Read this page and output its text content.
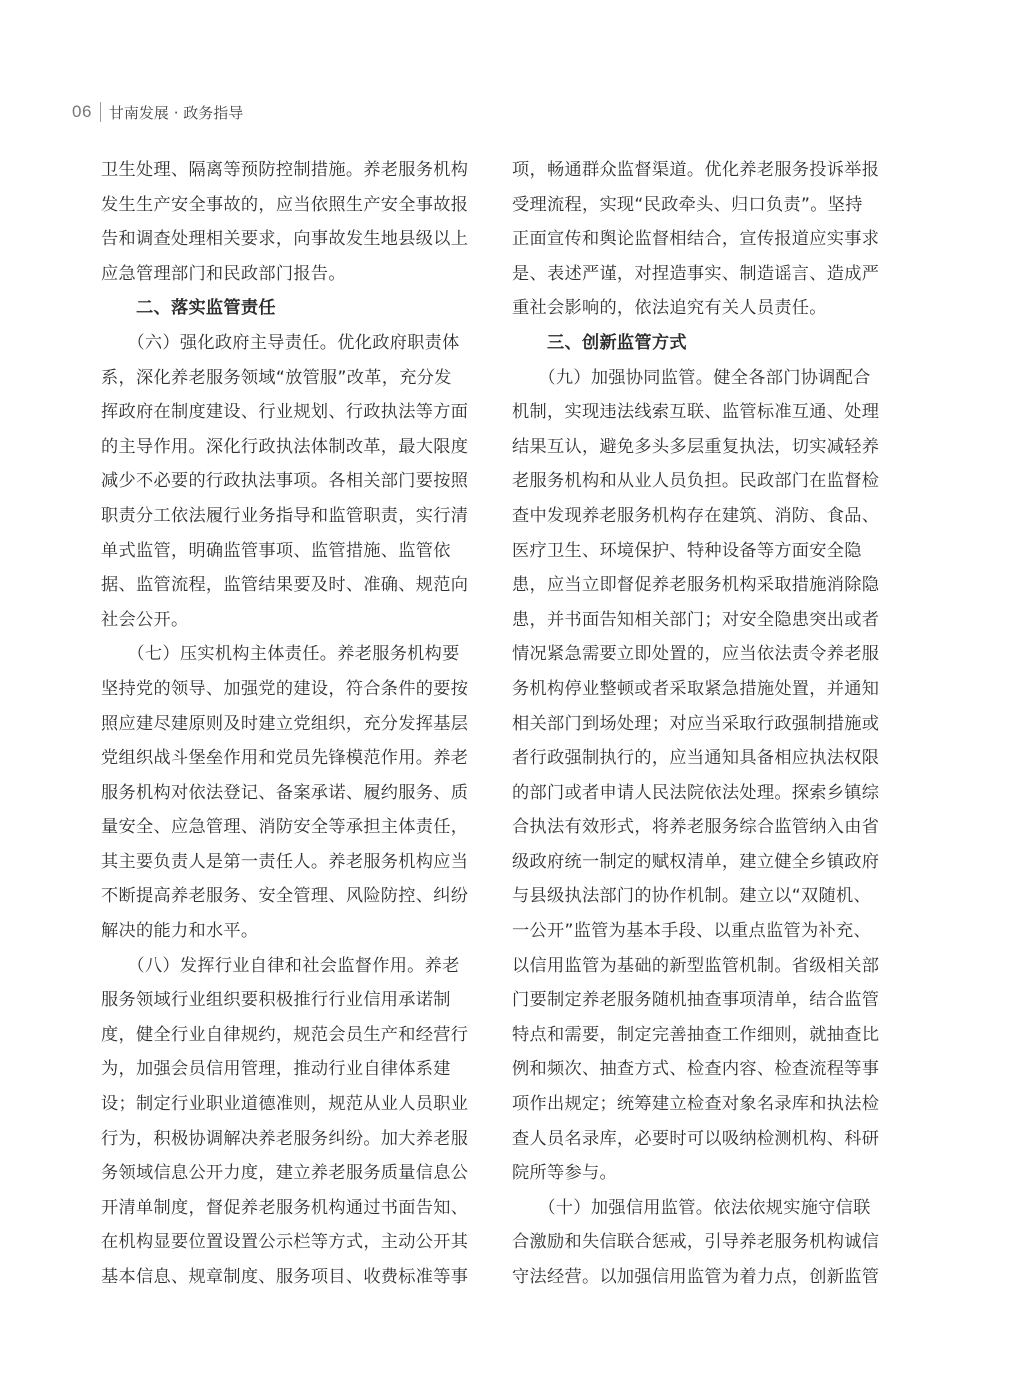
06 甘南发展 · 政务指导
卫生处理、隔离等预防控制措施。养老服务机构
发生生产安全事故的，应当依照生产安全事故报
告和调查处理相关要求，向事故发生地县级以上
应急管理部门和民政部门报告。
　　二、落实监管责任
　　（六）强化政府主导责任。优化政府职责体
系，深化养老服务领域“放管服”改革，充分发
挥政府在制度建设、行业规划、行政执法等方面
的主导作用。深化行政执法体制改革，最大限度
减少不必要的行政执法事项。各相关部门要按照
职责分工依法履行业务指导和监管职责，实行清
单式监管，明确监管事项、监管措施、监管依
据、监管流程，监管结果要及时、准确、规范向
社会公开。
　　（七）压实机构主体责任。养老服务机构要
坚持党的领导、加强党的建设，符合条件的要按
照应建尽建原则及时建立党组织，充分发挥基层
党组织战斗堡垒作用和党员先锋模范作用。养老
服务机构对依法登记、备案承诺、履约服务、质
量安全、应急管理、消防安全等承担主体责任，
其主要负责人是第一责任人。养老服务机构应当
不断提高养老服务、安全管理、风险防控、纠纷
解决的能力和水平。
　　（八）发挥行业自律和社会监督作用。养老
服务领域行业组织要积极推行行业信用承诺制
度，健全行业自律规约，规范会员生产和经营行
为，加强会员信用管理，推动行业自律体系建
设；制定行业职业道德准则，规范从业人员职业
行为，积极协调解决养老服务纠纷。加大养老服
务领域信息公开力度，建立养老服务质量信息公
开清单制度，督促养老服务机构通过书面告知、
在机构显要位置设置公示栏等方式，主动公开其
基本信息、规章制度、服务项目、收费标准等事
项，畅通群众监督渠道。优化养老服务投诉举报
受理流程，实现“民政牵头、归口负责”。坚持
正面宣传和舆论监督相结合，宣传报道应实事求
是、表述严谨，对捏造事实、制造谣言、造成严
重社会影响的，依法追究有关人员责任。
　　三、创新监管方式
　　（九）加强协同监管。健全各部门协调配合
机制，实现违法线索互联、监管标准互通、处理
结果互认，避免多头多层重复执法，切实减轻养
老服务机构和从业人员负担。民政部门在监督检
查中发现养老服务机构存在建筑、消防、食品、
医疗卫生、环境保护、特种设备等方面安全隐
患，应当立即督促养老服务机构采取措施消除隐
患，并书面告知相关部门；对安全隐患突出或者
情况紧急需要立即处置的，应当依法责令养老服
务机构停业整顿或者采取紧急措施处置，并通知
相关部门到场处理；对应当采取行政强制措施或
者行政强制执行的，应当通知具备相应执法权限
的部门或者申请人民法院依法处理。探索乡镇综
合执法有效形式，将养老服务综合监管纳入由省
级政府统一制定的赋权清单，建立健全乡镇政府
与县级执法部门的协作机制。建立以“双随机、
一公开”监管为基本手段、以重点监管为补充、
以信用监管为基础的新型监管机制。省级相关部
门要制定养老服务随机抽查事项清单，结合监管
特点和需要，制定完善抽查工作细则，就抽查比
例和频次、抽查方式、检查内容、检查流程等事
项作出规定；统筹建立检查对象名录库和执法检
查人员名录库，必要时可以吸纳检测机构、科研
院所等参与。
　　（十）加强信用监管。依法依规实施守信联
合激励和失信联合惩戒，引导养老服务机构诚信
守法经营。以加强信用监管为着力点，创新监管
